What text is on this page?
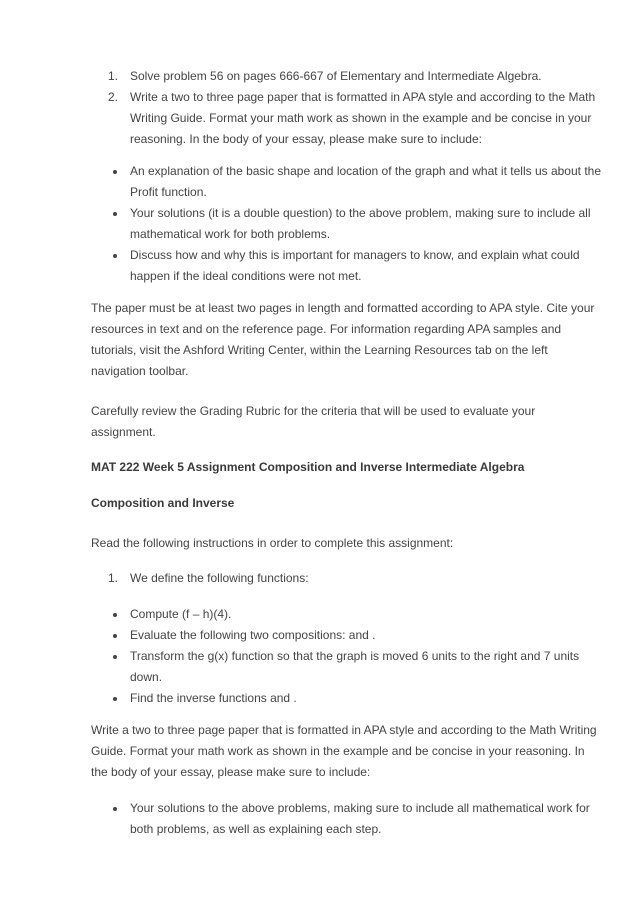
1. Solve problem 56 on pages 666-667 of Elementary and Intermediate Algebra.
2. Write a two to three page paper that is formatted in APA style and according to the Math
Writing Guide. Format your math work as shown in the example and be concise in your
reasoning. In the body of your essay, please make sure to include:
An explanation of the basic shape and location of the graph and what it tells us about the
Profit function.
Your solutions (it is a double question) to the above problem, making sure to include all
mathematical work for both problems.
Discuss how and why this is important for managers to know, and explain what could
happen if the ideal conditions were not met.
The paper must be at least two pages in length and formatted according to APA style. Cite your
resources in text and on the reference page. For information regarding APA samples and
tutorials, visit the Ashford Writing Center, within the Learning Resources tab on the left
navigation toolbar.
Carefully review the Grading Rubric for the criteria that will be used to evaluate your
assignment.
MAT 222 Week 5 Assignment Composition and Inverse Intermediate Algebra
Composition and Inverse
Read the following instructions in order to complete this assignment:
1. We define the following functions:
Compute (f – h)(4).
Evaluate the following two compositions: and .
Transform the g(x) function so that the graph is moved 6 units to the right and 7 units
down.
Find the inverse functions and .
Write a two to three page paper that is formatted in APA style and according to the Math Writing
Guide. Format your math work as shown in the example and be concise in your reasoning. In
the body of your essay, please make sure to include:
Your solutions to the above problems, making sure to include all mathematical work for
both problems, as well as explaining each step.
